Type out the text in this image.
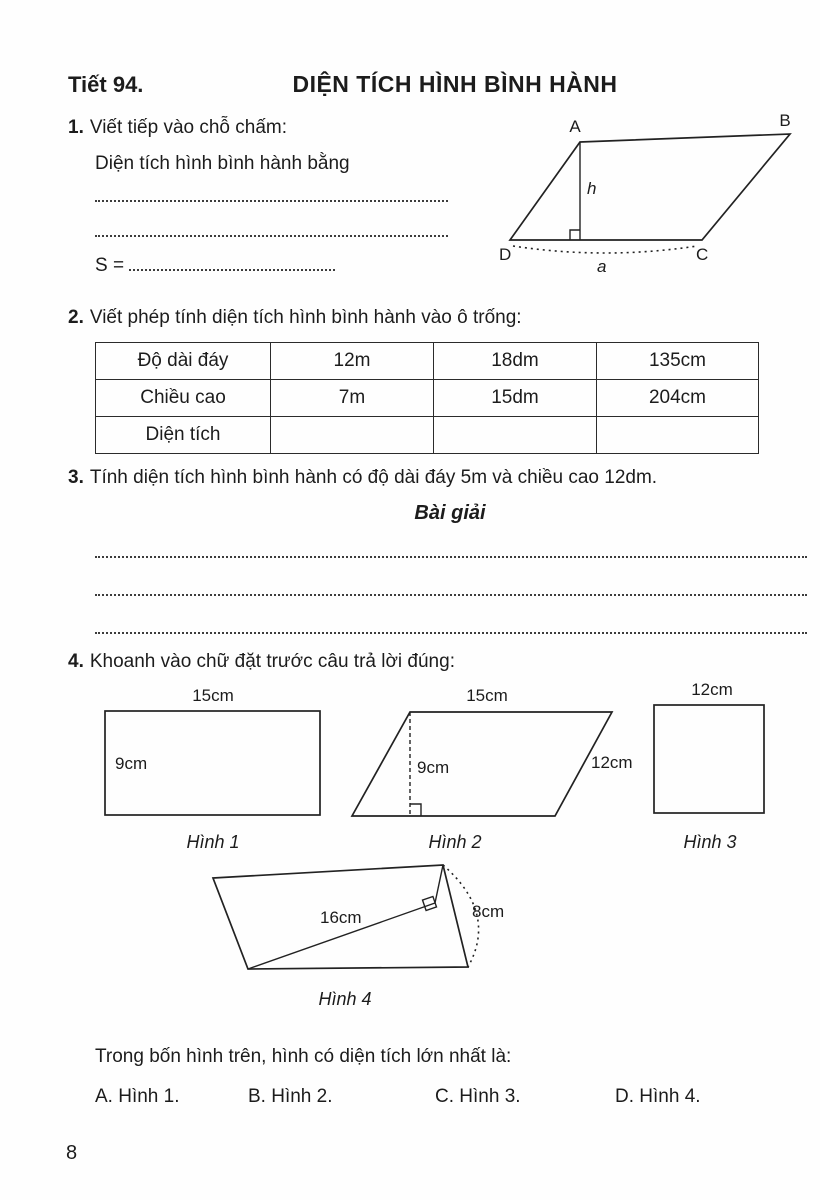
Tiết 94.	DIỆN TÍCH HÌNH BÌNH HÀNH
1. Viết tiếp vào chỗ chấm:
Diện tích hình bình hành bằng
S =
A	B
C
D
h
a
2. Viết phép tính diện tích hình bình hành vào ô trống:
Độ dài đáy	12m	18dm	135cm
Chiều cao	7m	15dm	204cm
Diện tích			
3. Tính diện tích hình bình hành có độ dài đáy 5m và chiều cao 12dm.
Bài giải
4. Khoanh vào chữ đặt trước câu trả lời đúng:
15cm
9cm
Hình 1
15cm
9cm	12cm
Hình 2
12cm
Hình 3
16cm	8cm
Hình 4
Trong bốn hình trên, hình có diện tích lớn nhất là:
A. Hình 1.	B. Hình 2.	C. Hình 3.	D. Hình 4.
8
